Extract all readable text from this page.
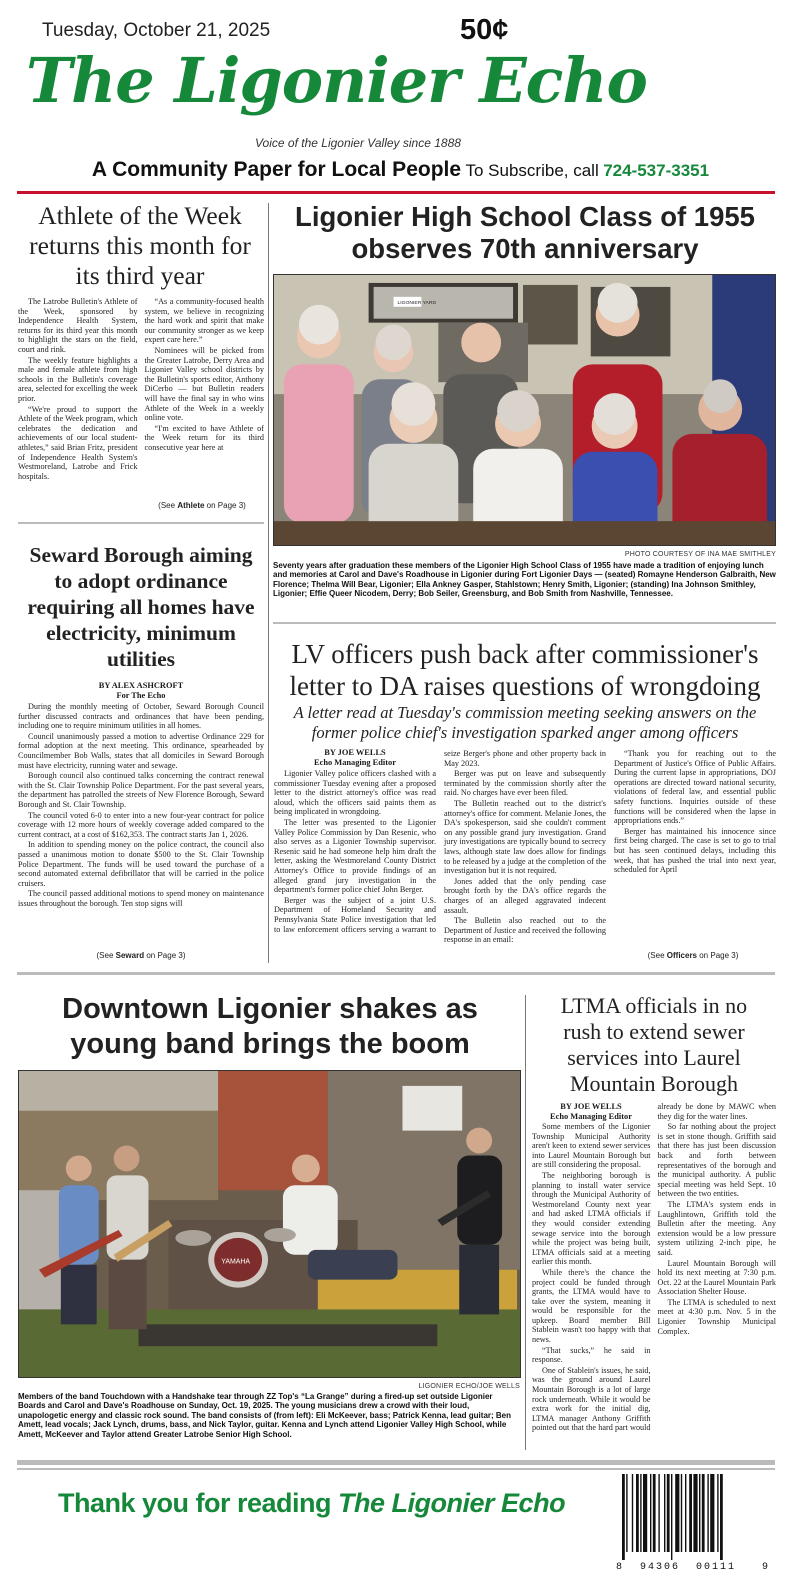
Tuesday, October 21, 2025	50¢
The Ligonier Echo
Voice of the Ligonier Valley since 1888
A Community Paper for Local People To Subscribe, call 724-537-3351
Athlete of the Week returns this month for its third year

The Latrobe Bulletin's Athlete of the Week, sponsored by Independence Health System, returns for its third year this month to highlight the stars on the field, court and rink.

The weekly feature highlights a male and female athlete from high schools in the Bulletin's coverage area, selected for excelling the week prior.

“We're proud to support the Athlete of the Week program, which celebrates the dedication and achievements of our local student-athletes,” said Brian Fritz, president of Independence Health System's Westmoreland, Latrobe and Frick hospitals.

“As a community-focused health system, we believe in recognizing the hard work and spirit that make our community stronger as we keep expert care here.”

Nominees will be picked from the Greater Latrobe, Derry Area and Ligonier Valley school districts by the Bulletin's sports editor, Anthony DiCerbo — but Bulletin readers will have the final say in who wins Athlete of the Week in a weekly online vote.

“I'm excited to have Athlete of the Week return for its third consecutive year here at

(See Athlete on Page 3)
Ligonier High School Class of 1955 observes 70th anniversary
LIGONIER YARD
PHOTO COURTESY OF INA MAE SMITHLEY
Seventy years after graduation these members of the Ligonier High School Class of 1955 have made a tradition of enjoying lunch and memories at Carol and Dave's Roadhouse in Ligonier during Fort Ligonier Days — (seated) Romayne Henderson Galbraith, New Florence; Thelma Will Bear, Ligonier; Ella Ankney Gasper, Stahlstown; Henry Smith, Ligonier; (standing) Ina Johnson Smithley, Ligonier; Effie Queer Nicodem, Derry; Bob Seiler, Greensburg, and Bob Smith from Nashville, Tennessee.
Seward Borough aiming to adopt ordinance requiring all homes have electricity, minimum utilities
BY ALEX ASHCROFT
For The Echo

During the monthly meeting of October, Seward Borough Council further discussed contracts and ordinances that have been pending, including one to require minimum utilities in all homes.

Council unanimously passed a motion to advertise Ordinance 229 for formal adoption at the next meeting. This ordinance, spearheaded by Councilmember Bob Walls, states that all domiciles in Seward Borough must have electricity, running water and sewage.

Borough council also continued talks concerning the contract renewal with the St. Clair Township Police Department. For the past several years, the department has patrolled the streets of New Florence Borough, Seward Borough and St. Clair Township.

The council voted 6-0 to enter into a new four-year contract for police coverage with 12 more hours of weekly coverage added compared to the current contract, at a cost of $162,353. The contract starts Jan 1, 2026.

In addition to spending money on the police contract, the council also passed a unanimous motion to donate $500 to the St. Clair Township Police Department. The funds will be used toward the purchase of a second automated external defibrillator that will be carried in the police cruisers.

The council passed additional motions to spend money on maintenance issues throughout the borough. Ten stop signs will

(See Seward on Page 3)
LV officers push back after commissioner's letter to DA raises questions of wrongdoing
A letter read at Tuesday's commission meeting seeking answers on the former police chief's investigation sparked anger among officers
BY JOE WELLS
Echo Managing Editor

Ligonier Valley police officers clashed with a commissioner Tuesday evening after a proposed letter to the district attorney's office was read aloud, which the officers said paints them as being implicated in wrongdoing.

The letter was presented to the Ligonier Valley Police Commission by Dan Resenic, who also serves as a Ligonier Township supervisor. Resenic said he had someone help him draft the letter, asking the Westmoreland County District Attorney's Office to provide findings of an alleged grand jury investigation in the department's former police chief John Berger.

Berger was the subject of a joint U.S. Department of Homeland Security and Pennsylvania State Police investigation that led to law enforcement officers serving a warrant to seize Berger's phone and other property back in May 2023.

Berger was put on leave and subsequently terminated by the commission shortly after the raid. No charges have ever been filed.

The Bulletin reached out to the district's attorney's office for comment. Melanie Jones, the DA's spokesperson, said she couldn't comment on any possible grand jury investigation. Grand jury investigations are typically bound to secrecy laws, although state law does allow for findings to be released by a judge at the completion of the investigation but it is not required.

Jones added that the only pending case brought forth by the DA's office regards the charges of an alleged aggravated indecent assault.

The Bulletin also reached out to the Department of Justice and received the following response in an email:

“Thank you for reaching out to the Department of Justice's Office of Public Affairs. During the current lapse in appropriations, DOJ operations are directed toward national security, violations of federal law, and essential public safety functions. Inquiries outside of these functions will be considered when the lapse in appropriations ends.”

Berger has maintained his innocence since first being charged. The case is set to go to trial but has seen continued delays, including this week, that has pushed the trial into next year, scheduled for April

(See Officers on Page 3)
Downtown Ligonier shakes as young band brings the boom
YAMAHA
LIGONIER ECHO/JOE WELLS
Members of the band Touchdown with a Handshake tear through ZZ Top's “La Grange” during a fired-up set outside Ligonier Boards and Carol and Dave's Roadhouse on Sunday, Oct. 19, 2025. The young musicians drew a crowd with their loud, unapologetic energy and classic rock sound. The band consists of (from left): Eli McKeever, bass; Patrick Kenna, lead guitar; Ben Amett, lead vocals; Jack Lynch, drums, bass, and Nick Taylor, guitar. Kenna and Lynch attend Ligonier Valley High School, while Amett, McKeever and Taylor attend Greater Latrobe Senior High School.
LTMA officials in no rush to extend sewer services into Laurel Mountain Borough
BY JOE WELLS
Echo Managing Editor

Some members of the Ligonier Township Municipal Authority aren't keen to extend sewer services into Laurel Mountain Borough but are still considering the proposal.

The neighboring borough is planning to install water service through the Municipal Authority of Westmoreland County next year and had asked LTMA officials if they would consider extending sewage service into the borough while the project was being built, LTMA officials said at a meeting earlier this month.

While there's the chance the project could be funded through grants, the LTMA would have to take over the system, meaning it would be responsible for the upkeep. Board member Bill Stablein wasn't too happy with that news.

“That sucks,” he said in response.

One of Stablein's issues, he said, was the ground around Laurel Mountain Borough is a lot of large rock underneath. While it would be extra work for the initial dig, LTMA manager Anthony Griffith pointed out that the hard part would already be done by MAWC when they dig for the water lines.

So far nothing about the project is set in stone though. Griffith said that there has just been discussion back and forth between representatives of the borough and the municipal authority. A public special meeting was held Sept. 10 between the two entities.

The LTMA's system ends in Laughlintown, Griffith told the Bulletin after the meeting. Any extension would be a low pressure system utilizing 2-inch pipe, he said.

Laurel Mountain Borough will hold its next meeting at 7:30 p.m. Oct. 22 at the Laurel Mountain Park Association Shelter House.

The LTMA is scheduled to next meet at 4:30 p.m. Nov. 5 in the Ligonier Township Municipal Complex.

Thank you for reading The Ligonier Echo
8 94306 00111	9
